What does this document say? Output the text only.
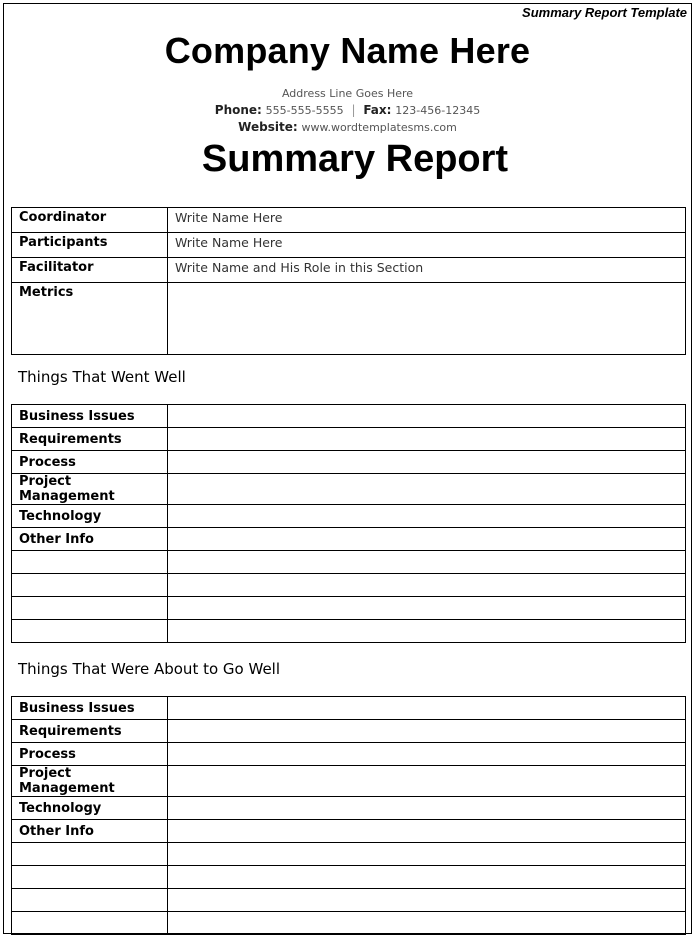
Summary Report Template
Company Name Here
Address Line Goes Here
Phone: 555-555-5555 | Fax: 123-456-12345
Website: www.wordtemplatesms.com
Summary Report
Coordinator	Write Name Here
Participants	Write Name Here
Facilitator	Write Name and His Role in this Section
Metrics	
Things That Went Well
Business Issues	
Requirements	
Process	
Project Management	
Technology	
Other Info	

Things That Were About to Go Well
Business Issues	
Requirements	
Process	
Project Management	
Technology	
Other Info	
